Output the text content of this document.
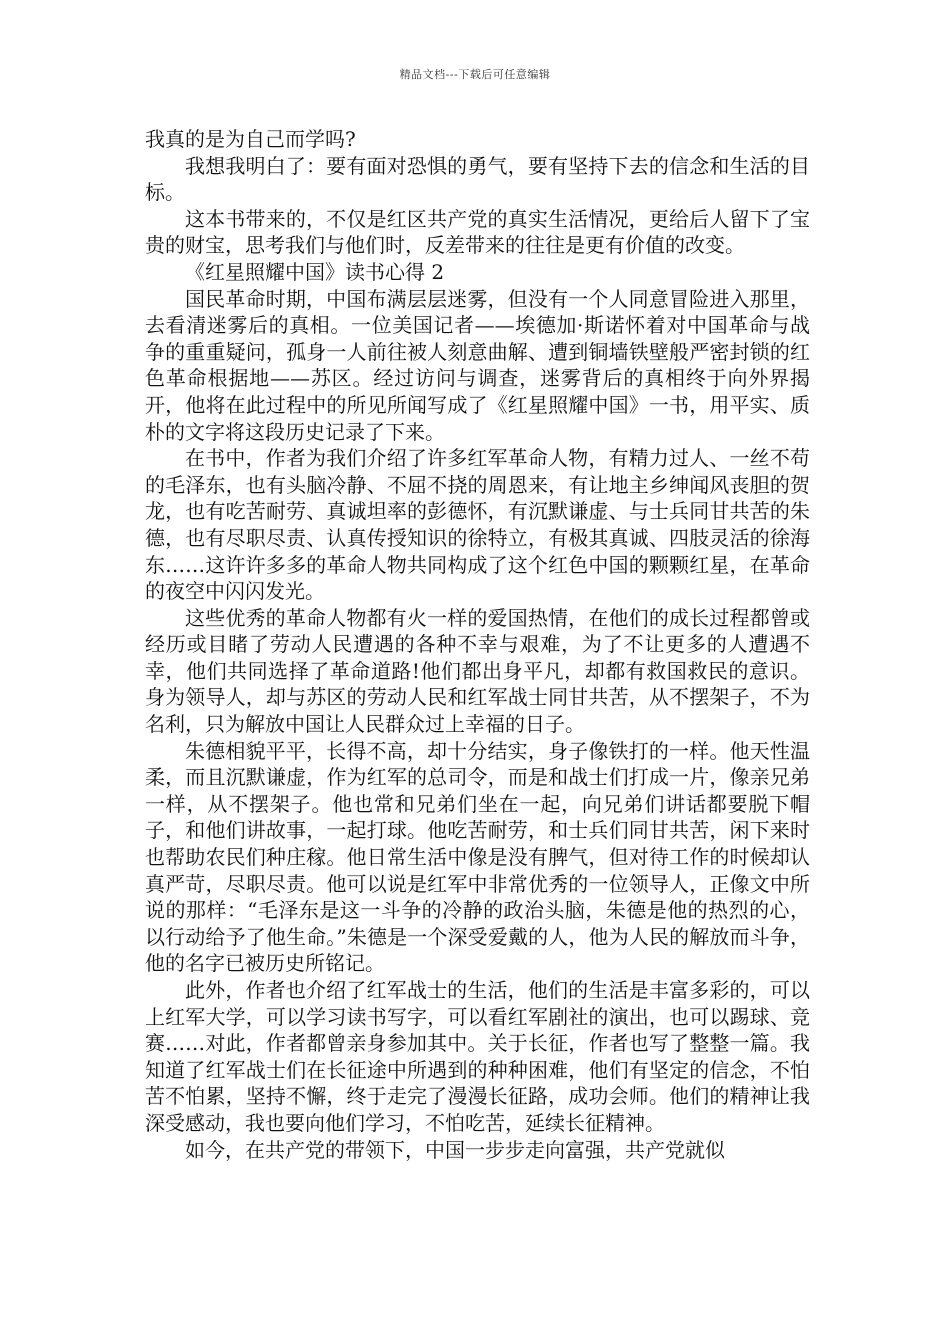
精品文档---下载后可任意编辑

我真的是为自己而学吗?

我想我明白了：要有面对恐惧的勇气，要有坚持下去的信念和生活的目标。

这本书带来的，不仅是红区共产党的真实生活情况，更给后人留下了宝贵的财宝，思考我们与他们时，反差带来的往往是更有价值的改变。

《红星照耀中国》读书心得 2

国民革命时期，中国布满层层迷雾，但没有一个人同意冒险进入那里，去看清迷雾后的真相。一位美国记者——埃德加·斯诺怀着对中国革命与战争的重重疑问，孤身一人前往被人刻意曲解、遭到铜墙铁壁般严密封锁的红色革命根据地——苏区。经过访问与调查，迷雾背后的真相终于向外界揭开，他将在此过程中的所见所闻写成了《红星照耀中国》一书，用平实、质朴的文字将这段历史记录了下来。

在书中，作者为我们介绍了许多红军革命人物，有精力过人、一丝不苟的毛泽东，也有头脑冷静、不屈不挠的周恩来，有让地主乡绅闻风丧胆的贺龙，也有吃苦耐劳、真诚坦率的彭德怀，有沉默谦虚、与士兵同甘共苦的朱德，也有尽职尽责、认真传授知识的徐特立，有极其真诚、四肢灵活的徐海东……这许许多多的革命人物共同构成了这个红色中国的颗颗红星，在革命的夜空中闪闪发光。

这些优秀的革命人物都有火一样的爱国热情，在他们的成长过程都曾或经历或目睹了劳动人民遭遇的各种不幸与艰难，为了不让更多的人遭遇不幸，他们共同选择了革命道路!他们都出身平凡，却都有救国救民的意识。身为领导人，却与苏区的劳动人民和红军战士同甘共苦，从不摆架子，不为名利，只为解放中国让人民群众过上幸福的日子。

朱德相貌平平，长得不高，却十分结实，身子像铁打的一样。他天性温柔，而且沉默谦虚，作为红军的总司令，而是和战士们打成一片，像亲兄弟一样，从不摆架子。他也常和兄弟们坐在一起，向兄弟们讲话都要脱下帽子，和他们讲故事，一起打球。他吃苦耐劳，和士兵们同甘共苦，闲下来时也帮助农民们种庄稼。他日常生活中像是没有脾气，但对待工作的时候却认真严苛，尽职尽责。他可以说是红军中非常优秀的一位领导人，正像文中所说的那样：“毛泽东是这一斗争的冷静的政治头脑，朱德是他的热烈的心，以行动给予了他生命。”朱德是一个深受爱戴的人，他为人民的解放而斗争，他的名字已被历史所铭记。

此外，作者也介绍了红军战士的生活，他们的生活是丰富多彩的，可以上红军大学，可以学习读书写字，可以看红军剧社的演出，也可以踢球、竞赛……对此，作者都曾亲身参加其中。关于长征，作者也写了整整一篇。我知道了红军战士们在长征途中所遇到的种种困难，他们有坚定的信念，不怕苦不怕累，坚持不懈，终于走完了漫漫长征路，成功会师。他们的精神让我深受感动，我也要向他们学习，不怕吃苦，延续长征精神。

如今，在共产党的带领下，中国一步步走向富强，共产党就似
